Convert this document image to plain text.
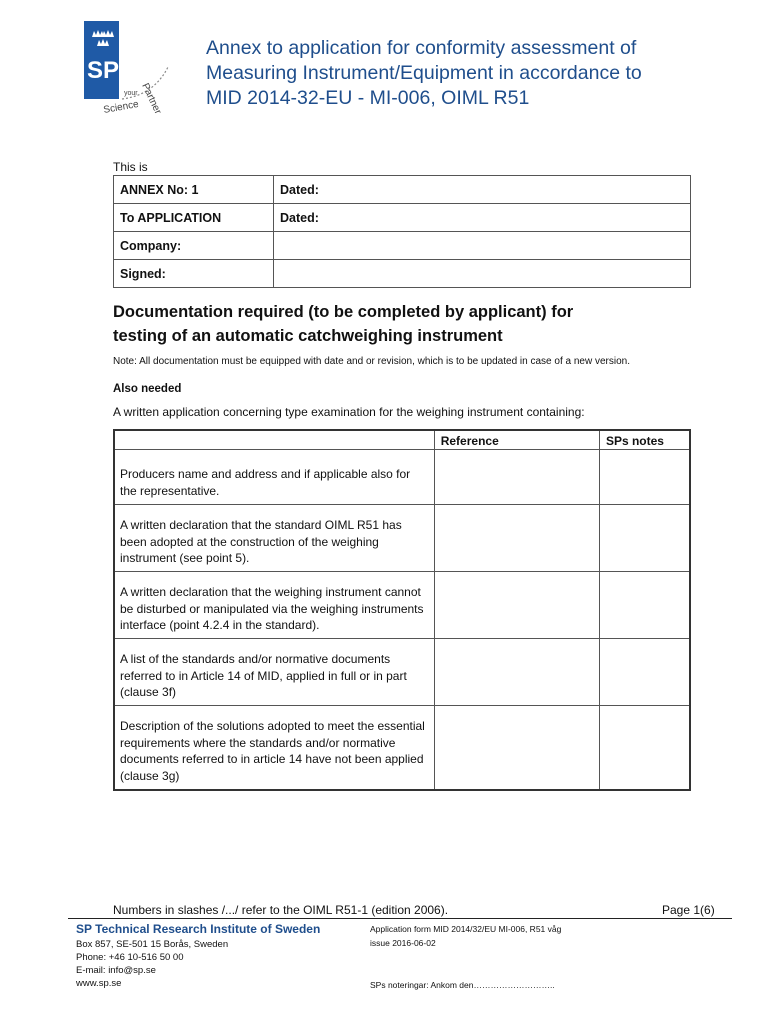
SP
your
Science Partner
Annex to application for conformity assessment of
Measuring Instrument/Equipment in accordance to
MID 2014-32-EU - MI-006, OIML R51
This is
ANNEX No: 1	Dated:
To APPLICATION	Dated:
Company:	
Signed:	
Documentation required (to be completed by applicant) for
testing of an automatic catchweighing instrument
Note: All documentation must be equipped with date and or revision, which is to be updated in case of a new version.
Also needed
A written application concerning type examination for the weighing instrument containing:
	Reference	SPs notes
Producers name and address and if applicable also for the representative.		
A written declaration that the standard OIML R51 has been adopted at the construction of the weighing instrument (see point 5).		
A written declaration that the weighing instrument cannot be disturbed or manipulated via the weighing instruments interface (point 4.2.4 in the standard).		
A list of the standards and/or normative documents referred to in Article 14 of MID, applied in full or in part (clause 3f)		
Description of the solutions adopted to meet the essential requirements where the standards and/or normative documents referred to in article 14 have not been applied (clause 3g)		
Numbers in slashes /.../ refer to the OIML R51-1 (edition 2006).	Page 1(6)
SP Technical Research Institute of Sweden
Box 857, SE-501 15 Borås, Sweden
Phone: +46 10-516 50 00
E-mail: info@sp.se
www.sp.se
Application form MID 2014/32/EU MI-006, R51 våg
issue 2016-06-02
SPs noteringar: Ankom den………………………..
